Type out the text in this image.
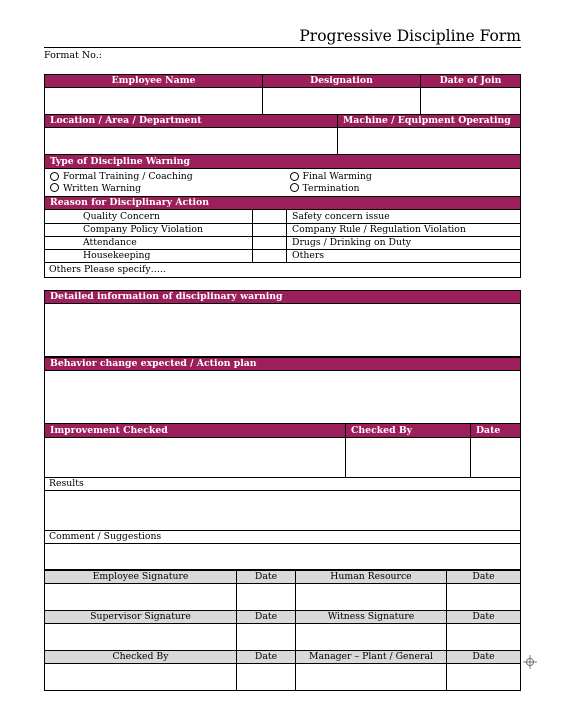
Progressive Discipline Form
Format No.:
Employee Name	Designation	Date of Join

Location / Area / Department	Machine / Equipment Operating

Type of Discipline Warning	
Formal Training / Coaching	Final Warming
Written Warning	Termination
Reason for Disciplinary Action		
Quality Concern		Safety concern issue
Company Policy Violation		Company Rule / Regulation Violation
Attendance		Drugs / Drinking on Duty
Housekeeping		Others
Others Please specify…..		
Detailed information of disciplinary warning

Behavior change expected / Action plan

Improvement Checked	Checked By	Date

Results

Comment / Suggestions

Employee Signature	Date	Human Resource	Date

Supervisor Signature	Date	Witness Signature	Date

Checked By	Date	Manager – Plant / General	Date
